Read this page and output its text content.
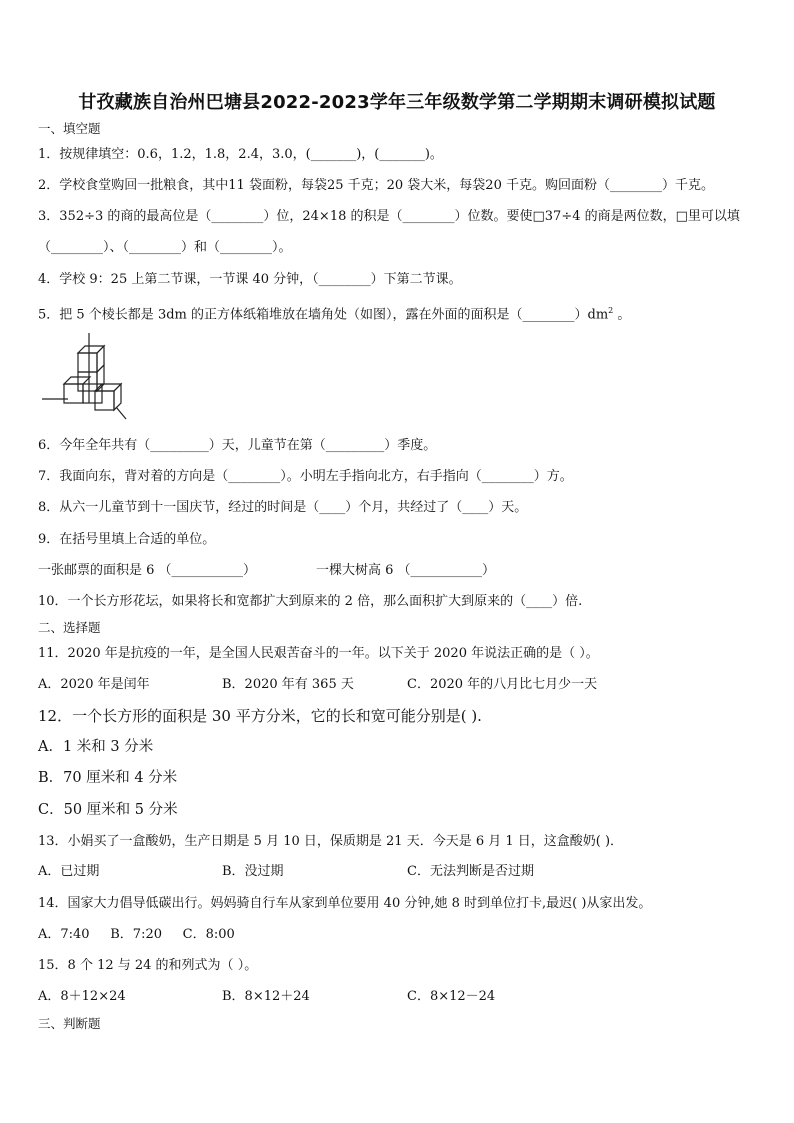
甘孜藏族自治州巴塘县2022-2023学年三年级数学第二学期期末调研模拟试题
一、填空题
1．按规律填空：0.6，1.2，1.8，2.4，3.0，(_______)，(_______)。
2．学校食堂购回一批粮食，其中11 袋面粉，每袋25 千克；20 袋大米，每袋20 千克。购回面粉（________）千克。
3．352÷3 的商的最高位是（________）位，24×18 的积是（________）位数。要使□37÷4 的商是两位数，□里可以填
（________）、（________）和（________）。
4．学校 9：25 上第二节课，一节课 40 分钟，（________）下第二节课。
5．把 5 个棱长都是 3dm 的正方体纸箱堆放在墙角处（如图），露在外面的面积是$(\_\_\_\_\_\_\_\_)dm^2$ 。
6．今年全年共有（_________）天，儿童节在第（_________）季度。
7．我面向东，背对着的方向是（________）。小明左手指向北方，右手指向（________）方。
8．从六一儿童节到十一国庆节，经过的时间是（____）个月，共经过了（____）天。
9．在括号里填上合适的单位。
一张邮票的面积是 6 （___________）	一棵大树高 6 （___________）
10．一个长方形花坛，如果将长和宽都扩大到原来的 2 倍，那么面积扩大到原来的（____）倍.
二、选择题
11．2020 年是抗疫的一年，是全国人民艰苦奋斗的一年。以下关于 2020 年说法正确的是（ ）。
A．2020 年是闰年	B．2020 年有 365 天	C．2020 年的八月比七月少一天
12．一个长方形的面积是 30 平方分米，它的长和宽可能分别是( ).
A．1 米和 3 分米
B．70 厘米和 4 分米
C．50 厘米和 5 分米
13．小娟买了一盒酸奶，生产日期是 5 月 10 日，保质期是 21 天．今天是 6 月 1 日，这盒酸奶( )．
A．已过期	B．没过期	C．无法判断是否过期
14．国家大力倡导低碳出行。妈妈骑自行车从家到单位要用 40 分钟,她 8 时到单位打卡,最迟( )从家出发。
A．7:40     B．7:20     C．8:00
15．8 个 12 与 24 的和列式为（ ）。
A．8＋12×24	B．8×12＋24	C．8×12－24
三、判断题
